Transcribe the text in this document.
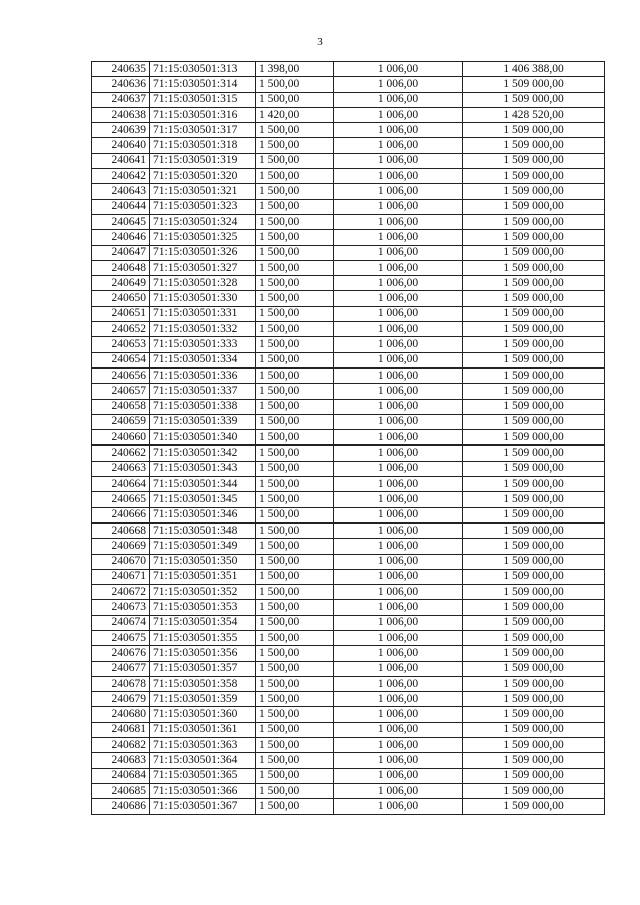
3
240635	71:15:030501:313	1 398,00	1 006,00	1 406 388,00
240636	71:15:030501:314	1 500,00	1 006,00	1 509 000,00
240637	71:15:030501:315	1 500,00	1 006,00	1 509 000,00
240638	71:15:030501:316	1 420,00	1 006,00	1 428 520,00
240639	71:15:030501:317	1 500,00	1 006,00	1 509 000,00
240640	71:15:030501:318	1 500,00	1 006,00	1 509 000,00
240641	71:15:030501:319	1 500,00	1 006,00	1 509 000,00
240642	71:15:030501:320	1 500,00	1 006,00	1 509 000,00
240643	71:15:030501:321	1 500,00	1 006,00	1 509 000,00
240644	71:15:030501:323	1 500,00	1 006,00	1 509 000,00
240645	71:15:030501:324	1 500,00	1 006,00	1 509 000,00
240646	71:15:030501:325	1 500,00	1 006,00	1 509 000,00
240647	71:15:030501:326	1 500,00	1 006,00	1 509 000,00
240648	71:15:030501:327	1 500,00	1 006,00	1 509 000,00
240649	71:15:030501:328	1 500,00	1 006,00	1 509 000,00
240650	71:15:030501:330	1 500,00	1 006,00	1 509 000,00
240651	71:15:030501:331	1 500,00	1 006,00	1 509 000,00
240652	71:15:030501:332	1 500,00	1 006,00	1 509 000,00
240653	71:15:030501:333	1 500,00	1 006,00	1 509 000,00
240654	71:15:030501:334	1 500,00	1 006,00	1 509 000,00
240656	71:15:030501:336	1 500,00	1 006,00	1 509 000,00
240657	71:15:030501:337	1 500,00	1 006,00	1 509 000,00
240658	71:15:030501:338	1 500,00	1 006,00	1 509 000,00
240659	71:15:030501:339	1 500,00	1 006,00	1 509 000,00
240660	71:15:030501:340	1 500,00	1 006,00	1 509 000,00
240662	71:15:030501:342	1 500,00	1 006,00	1 509 000,00
240663	71:15:030501:343	1 500,00	1 006,00	1 509 000,00
240664	71:15:030501:344	1 500,00	1 006,00	1 509 000,00
240665	71:15:030501:345	1 500,00	1 006,00	1 509 000,00
240666	71:15:030501:346	1 500,00	1 006,00	1 509 000,00
240668	71:15:030501:348	1 500,00	1 006,00	1 509 000,00
240669	71:15:030501:349	1 500,00	1 006,00	1 509 000,00
240670	71:15:030501:350	1 500,00	1 006,00	1 509 000,00
240671	71:15:030501:351	1 500,00	1 006,00	1 509 000,00
240672	71:15:030501:352	1 500,00	1 006,00	1 509 000,00
240673	71:15:030501:353	1 500,00	1 006,00	1 509 000,00
240674	71:15:030501:354	1 500,00	1 006,00	1 509 000,00
240675	71:15:030501:355	1 500,00	1 006,00	1 509 000,00
240676	71:15:030501:356	1 500,00	1 006,00	1 509 000,00
240677	71:15:030501:357	1 500,00	1 006,00	1 509 000,00
240678	71:15:030501:358	1 500,00	1 006,00	1 509 000,00
240679	71:15:030501:359	1 500,00	1 006,00	1 509 000,00
240680	71:15:030501:360	1 500,00	1 006,00	1 509 000,00
240681	71:15:030501:361	1 500,00	1 006,00	1 509 000,00
240682	71:15:030501:363	1 500,00	1 006,00	1 509 000,00
240683	71:15:030501:364	1 500,00	1 006,00	1 509 000,00
240684	71:15:030501:365	1 500,00	1 006,00	1 509 000,00
240685	71:15:030501:366	1 500,00	1 006,00	1 509 000,00
240686	71:15:030501:367	1 500,00	1 006,00	1 509 000,00
